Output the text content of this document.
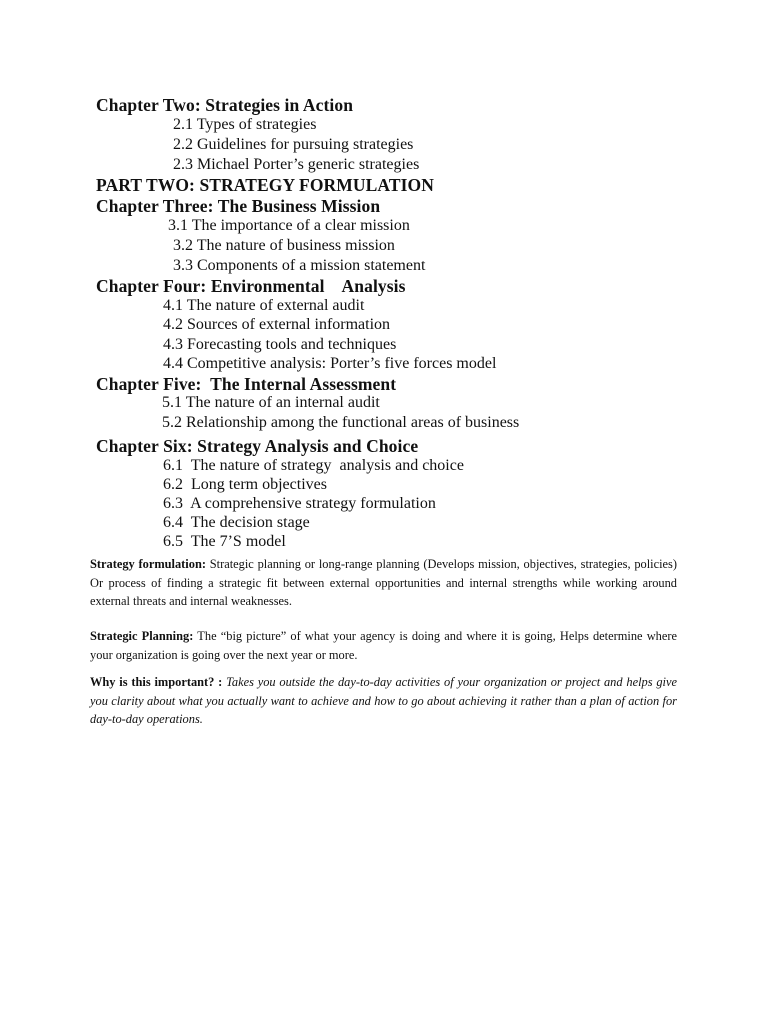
Chapter Two: Strategies in Action
2.1 Types of strategies
2.2 Guidelines for pursuing strategies
2.3 Michael Porter’s generic strategies
PART TWO: STRATEGY FORMULATION
Chapter Three: The Business Mission
3.1 The importance of a clear mission
3.2 The nature of business mission
3.3 Components of a mission statement
Chapter Four: Environmental    Analysis
4.1 The nature of external audit
4.2 Sources of external information
4.3 Forecasting tools and techniques
4.4 Competitive analysis: Porter’s five forces model
Chapter Five:  The Internal Assessment
5.1 The nature of an internal audit
5.2 Relationship among the functional areas of business
Chapter Six: Strategy Analysis and Choice
6.1  The nature of strategy  analysis and choice
6.2  Long term objectives
6.3  A comprehensive strategy formulation
6.4  The decision stage
6.5  The 7’S model

Strategy formulation: Strategic planning or long-range planning (Develops mission, objectives, strategies, policies) Or process of finding a strategic fit between external opportunities and internal strengths while working around external threats and internal weaknesses.

Strategic Planning: The “big picture” of what your agency is doing and where it is going, Helps determine where your organization is going over the next year or more.

Why is this important? : Takes you outside the day-to-day activities of your organization or project and helps give you clarity about what you actually want to achieve and how to go about achieving it rather than a plan of action for day-to-day operations.
